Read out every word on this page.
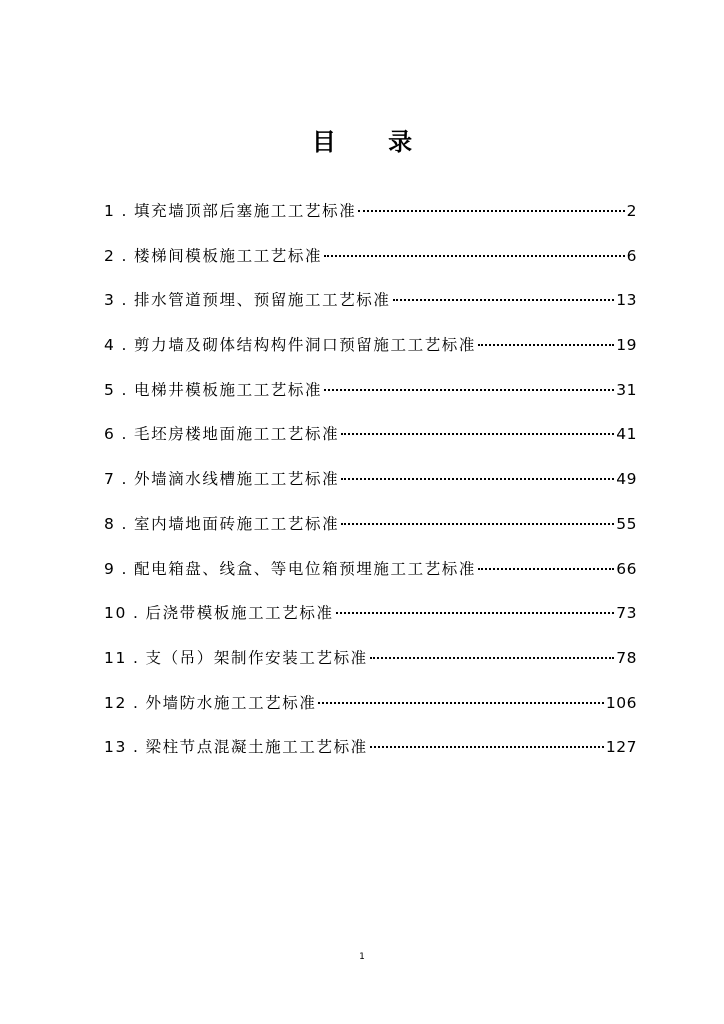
目 录
1 . 填充墙顶部后塞施工工艺标准	2
2 . 楼梯间模板施工工艺标准	6
3 . 排水管道预埋、预留施工工艺标准	13
4 . 剪力墙及砌体结构构件洞口预留施工工艺标准	19
5 . 电梯井模板施工工艺标准	31
6 . 毛坯房楼地面施工工艺标准	41
7 . 外墙滴水线槽施工工艺标准	49
8 . 室内墙地面砖施工工艺标准	55
9 . 配电箱盘、线盒、等电位箱预埋施工工艺标准	66
10 . 后浇带模板施工工艺标准	73
11 . 支（吊）架制作安装工艺标准	78
12 . 外墙防水施工工艺标准	106
13 . 梁柱节点混凝土施工工艺标准	127
1
